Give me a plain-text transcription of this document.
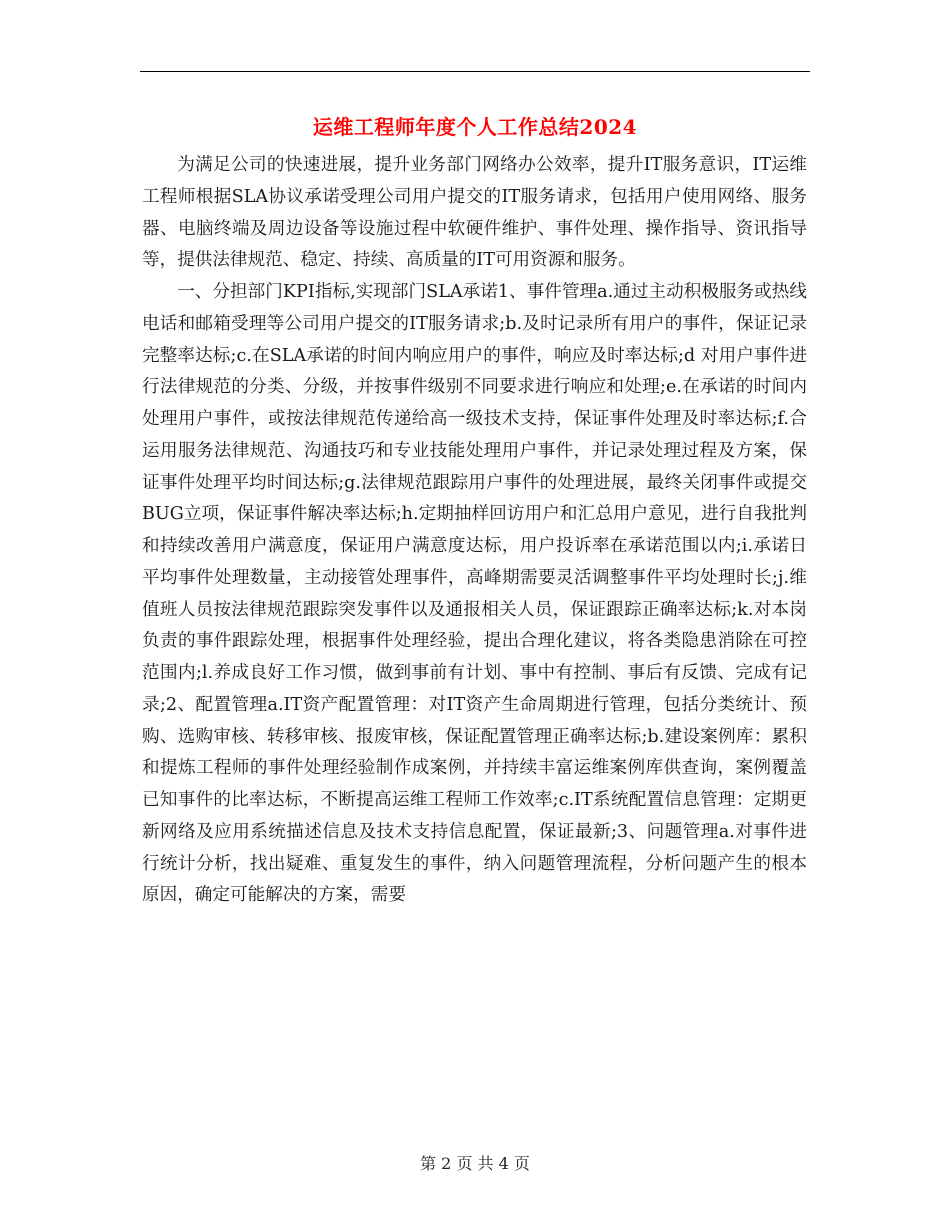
运维工程师年度个人工作总结2024

为满足公司的快速进展，提升业务部门网络办公效率，提升IT服务意识，IT运维工程师根据SLA协议承诺受理公司用户提交的IT服务请求，包括用户使用网络、服务器、电脑终端及周边设备等设施过程中软硬件维护、事件处理、操作指导、资讯指导等，提供法律规范、稳定、持续、高质量的IT可用资源和服务。

一、分担部门KPI指标,实现部门SLA承诺1、事件管理a.通过主动积极服务或热线电话和邮箱受理等公司用户提交的IT服务请求;b.及时记录所有用户的事件，保证记录完整率达标;c.在SLA承诺的时间内响应用户的事件，响应及时率达标;d 对用户事件进行法律规范的分类、分级，并按事件级别不同要求进行响应和处理;e.在承诺的时间内处理用户事件，或按法律规范传递给高一级技术支持，保证事件处理及时率达标;f.合运用服务法律规范、沟通技巧和专业技能处理用户事件，并记录处理过程及方案，保证事件处理平均时间达标;g.法律规范跟踪用户事件的处理进展，最终关闭事件或提交BUG立项，保证事件解决率达标;h.定期抽样回访用户和汇总用户意见，进行自我批判和持续改善用户满意度，保证用户满意度达标，用户投诉率在承诺范围以内;i.承诺日平均事件处理数量，主动接管处理事件，高峰期需要灵活调整事件平均处理时长;j.维值班人员按法律规范跟踪突发事件以及通报相关人员，保证跟踪正确率达标;k.对本岗负责的事件跟踪处理，根据事件处理经验，提出合理化建议，将各类隐患消除在可控范围内;l.养成良好工作习惯，做到事前有计划、事中有控制、事后有反馈、完成有记录;2、配置管理a.IT资产配置管理：对IT资产生命周期进行管理，包括分类统计、预购、选购审核、转移审核、报废审核，保证配置管理正确率达标;b.建设案例库：累积和提炼工程师的事件处理经验制作成案例，并持续丰富运维案例库供查询，案例覆盖已知事件的比率达标，不断提高运维工程师工作效率;c.IT系统配置信息管理：定期更新网络及应用系统描述信息及技术支持信息配置，保证最新;3、问题管理a.对事件进行统计分析，找出疑难、重复发生的事件，纳入问题管理流程，分析问题产生的根本原因，确定可能解决的方案，需要

第 2 页 共 4 页
